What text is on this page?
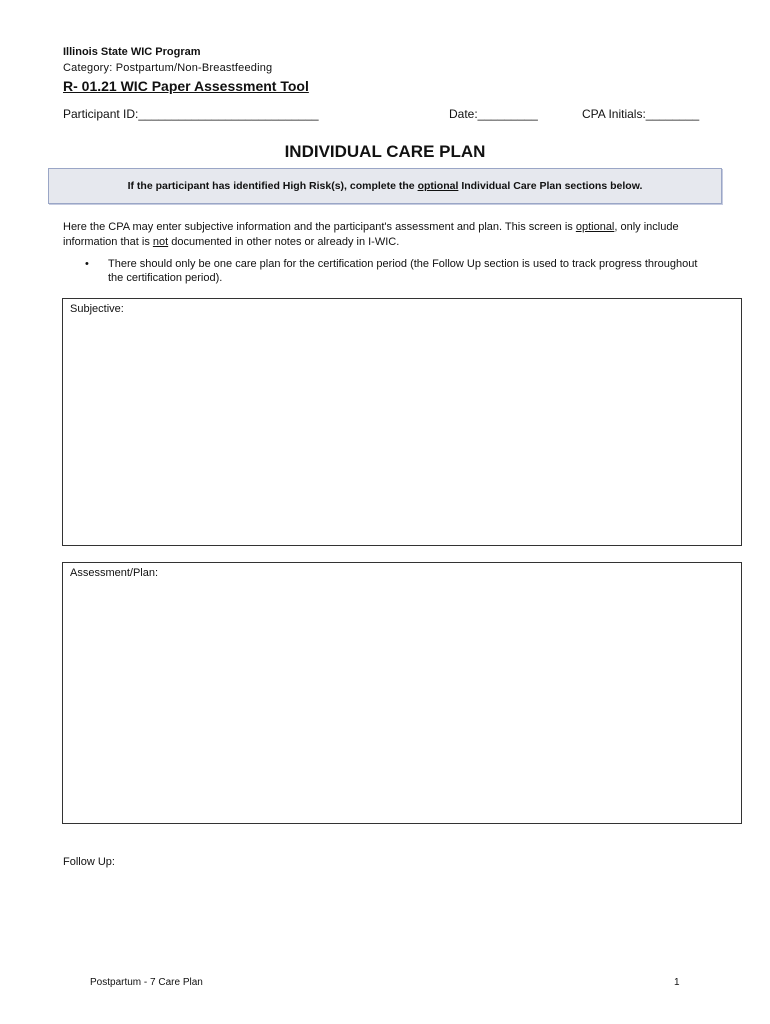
Illinois State WIC Program
Category: Postpartum/Non-Breastfeeding
R- 01.21 WIC Paper Assessment Tool
Participant ID:___________________________	Date:_________	CPA Initials:________
INDIVIDUAL CARE PLAN
If the participant has identified High Risk(s), complete the
optional
Individual Care Plan sections below.
Here the CPA may enter subjective information and the participant's assessment and plan. This screen is optional, only include information that is not documented in other notes or already in I-WIC.
• There should only be one care plan for the certification period (the Follow Up section is used to track progress throughout the certification period).
Subjective:
Assessment/Plan:
Follow Up:
Postpartum - 7 Care Plan	1
